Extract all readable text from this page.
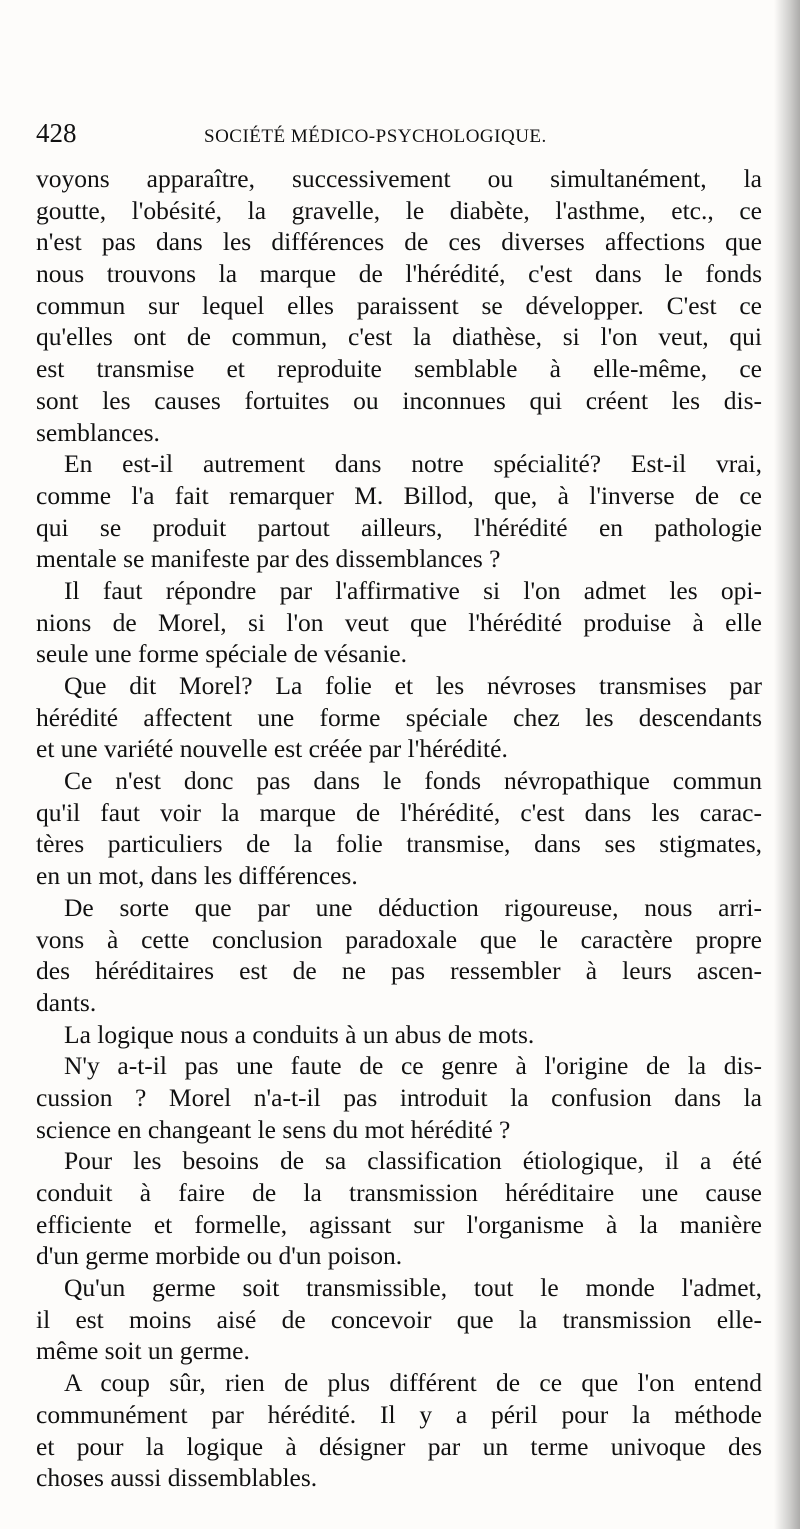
428	SOCIÉTÉ MÉDICO-PSYCHOLOGIQUE.
voyons apparaître, successivement ou simultanément, la
goutte, l'obésité, la gravelle, le diabète, l'asthme, etc., ce
n'est pas dans les différences de ces diverses affections que
nous trouvons la marque de l'hérédité, c'est dans le fonds
commun sur lequel elles paraissent se développer. C'est ce
qu'elles ont de commun, c'est la diathèse, si l'on veut, qui
est transmise et reproduite semblable à elle-même, ce
sont les causes fortuites ou inconnues qui créent les dis-
semblances.
En est-il autrement dans notre spécialité? Est-il vrai,
comme l'a fait remarquer M. Billod, que, à l'inverse de ce
qui se produit partout ailleurs, l'hérédité en pathologie
mentale se manifeste par des dissemblances ?
Il faut répondre par l'affirmative si l'on admet les opi-
nions de Morel, si l'on veut que l'hérédité produise à elle
seule une forme spéciale de vésanie.
Que dit Morel? La folie et les névroses transmises par
hérédité affectent une forme spéciale chez les descendants
et une variété nouvelle est créée par l'hérédité.
Ce n'est donc pas dans le fonds névropathique commun
qu'il faut voir la marque de l'hérédité, c'est dans les carac-
tères particuliers de la folie transmise, dans ses stigmates,
en un mot, dans les différences.
De sorte que par une déduction rigoureuse, nous arri-
vons à cette conclusion paradoxale que le caractère propre
des héréditaires est de ne pas ressembler à leurs ascen-
dants.
La logique nous a conduits à un abus de mots.
N'y a-t-il pas une faute de ce genre à l'origine de la dis-
cussion ? Morel n'a-t-il pas introduit la confusion dans la
science en changeant le sens du mot hérédité ?
Pour les besoins de sa classification étiologique, il a été
conduit à faire de la transmission héréditaire une cause
efficiente et formelle, agissant sur l'organisme à la manière
d'un germe morbide ou d'un poison.
Qu'un germe soit transmissible, tout le monde l'admet,
il est moins aisé de concevoir que la transmission elle-
même soit un germe.
A coup sûr, rien de plus différent de ce que l'on entend
communément par hérédité. Il y a péril pour la méthode
et pour la logique à désigner par un terme univoque des
choses aussi dissemblables.
